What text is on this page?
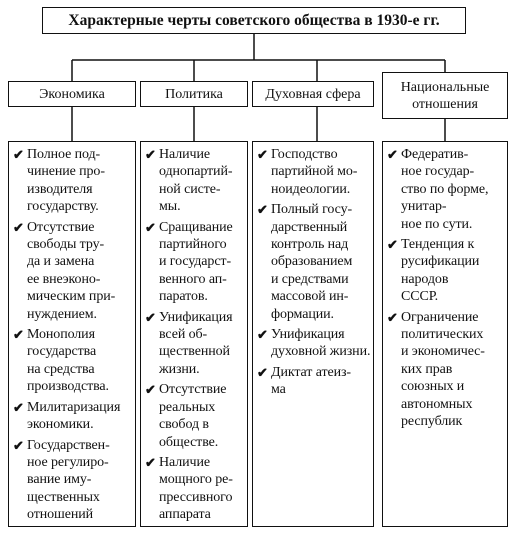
Характерные черты советского общества в 1930-е гг.
Экономика	Политика	Духовная сфера	Национальные
отношения
✔ Полное под-
чинение про-
изводителя
государству.
✔ Отсутствие
свободы тру-
да и замена
ее внеэконо-
мическим при-
нуждением.
✔ Монополия
государства
на средства
производства.
✔ Милитаризация
экономики.
✔ Государствен-
ное регулиро-
вание иму-
щественных
отношений
✔ Наличие
однопартий-
ной систе-
мы.
✔ Сращивание
партийного
и государст-
венного ап-
паратов.
✔ Унификация
всей об-
щественной
жизни.
✔ Отсутствие
реальных
свобод в
обществе.
✔ Наличие
мощного ре-
прессивного
аппарата
✔ Господство
партийной мо-
ноидеологии.
✔ Полный госу-
дарственный
контроль над
образованием
и средствами
массовой ин-
формации.
✔ Унификация
духовной жизни.
✔ Диктат атеиз-
ма
✔ Федератив-
ное государ-
ство по форме,
унитар-
ное по сути.
✔ Тенденция к
русификации
народов
СССР.
✔ Ограничение
политических
и экономичес-
ких прав
союзных и
автономных
республик
